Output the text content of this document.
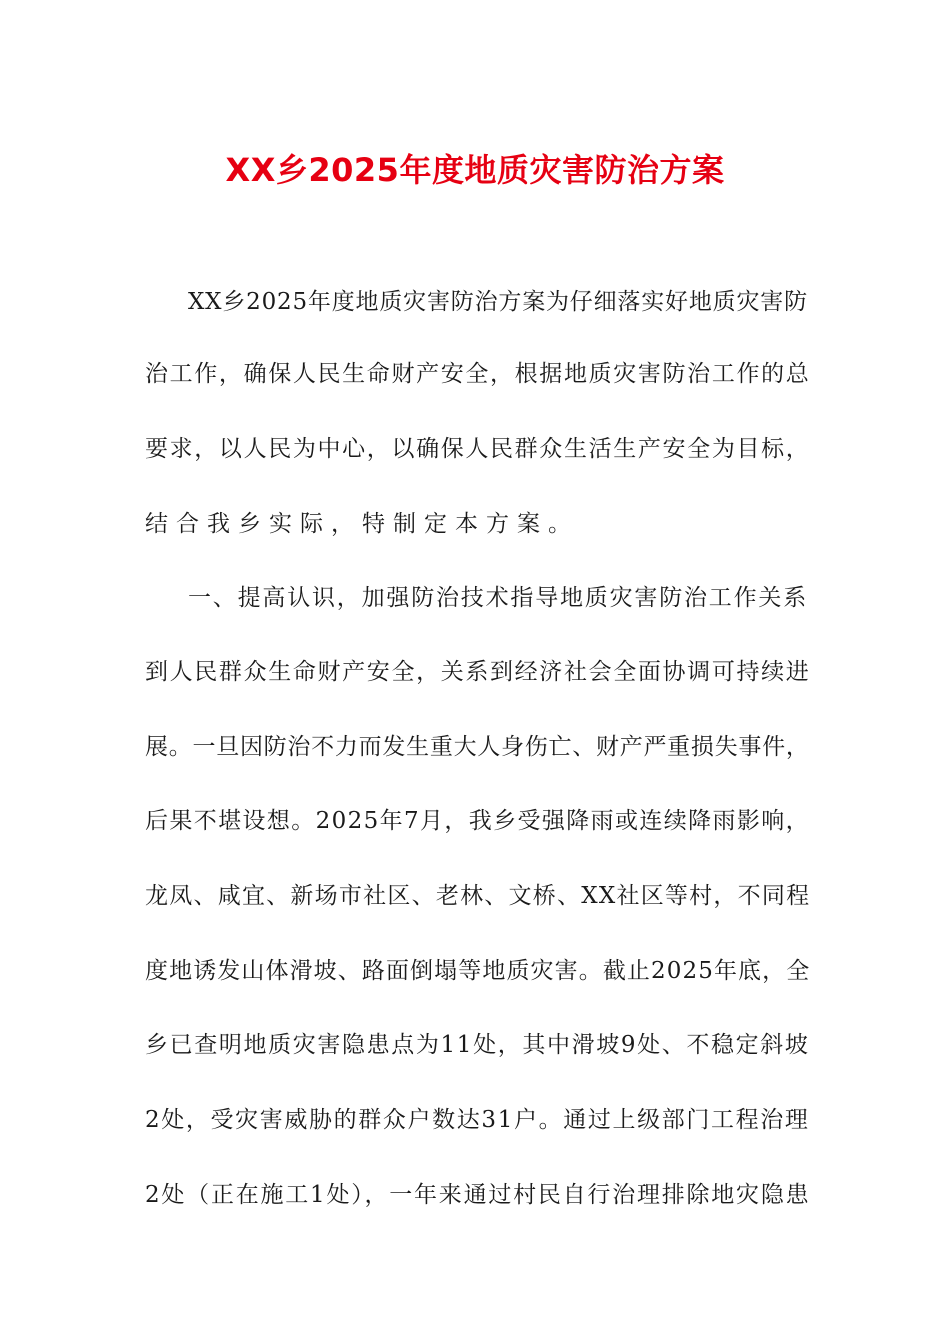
XX乡2025年度地质灾害防治方案
XX乡2025年度地质灾害防治方案为仔细落实好地质灾害防
治工作，确保人民生命财产安全，根据地质灾害防治工作的总
要求，以人民为中心，以确保人民群众生活生产安全为目标，
结合我乡实际，特制定本方案。
一、提高认识，加强防治技术指导地质灾害防治工作关系
到人民群众生命财产安全，关系到经济社会全面协调可持续进
展。一旦因防治不力而发生重大人身伤亡、财产严重损失事件，
后果不堪设想。2025年7月，我乡受强降雨或连续降雨影响，
龙凤、咸宜、新场市社区、老林、文桥、XX社区等村，不同程
度地诱发山体滑坡、路面倒塌等地质灾害。截止2025年底，全
乡已查明地质灾害隐患点为11处，其中滑坡9处、不稳定斜坡
2处，受灾害威胁的群众户数达31户。通过上级部门工程治理
2处（正在施工1处），一年来通过村民自行治理排除地灾隐患
